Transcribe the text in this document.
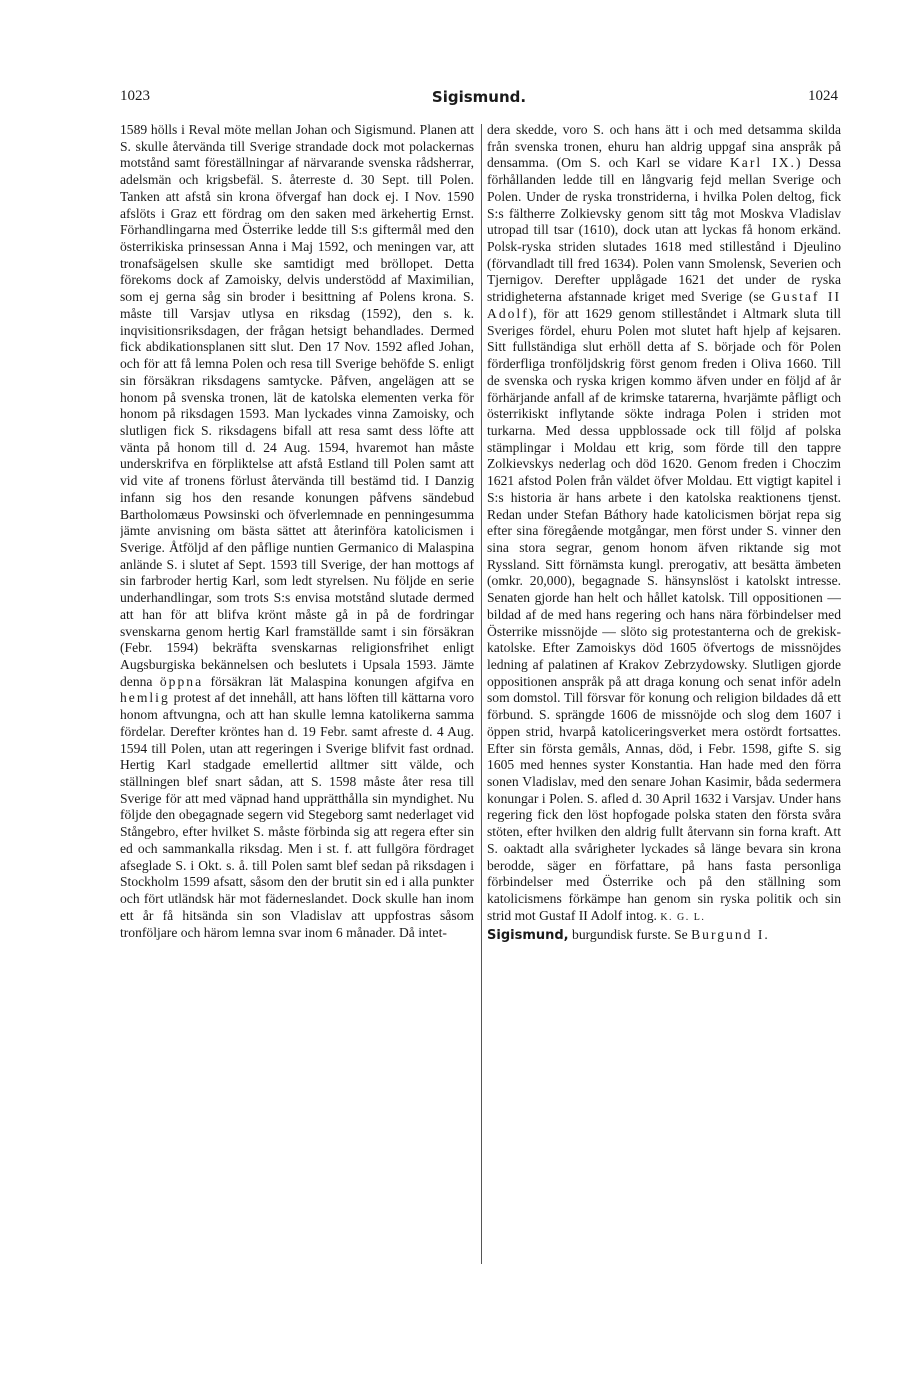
1023	Sigismund.	1024

1589 hölls i Reval möte mellan Johan och Sigismund. Planen att S. skulle återvända till Sverige strandade dock mot polackernas motstånd samt föreställningar af närvarande svenska rådsherrar, adelsmän och krigsbefäl. S. återreste d. 30 Sept. till Polen. Tanken att afstå sin krona öfvergaf han dock ej. I Nov. 1590 afslöts i Graz ett fördrag om den saken med ärkehertig Ernst. Förhandlingarna med Österrike ledde till S:s giftermål med den österrikiska prinsessan Anna i Maj 1592, och meningen var, att tronafsägelsen skulle ske samtidigt med bröllopet. Detta förekoms dock af Zamoisky, delvis understödd af Maximilian, som ej gerna såg sin broder i besittning af Polens krona. S. måste till Varsjav utlysa en riksdag (1592), den s. k. inqvisitionsriksdagen, der frågan hetsigt behandlades. Dermed fick abdikationsplanen sitt slut. Den 17 Nov. 1592 afled Johan, och för att få lemna Polen och resa till Sverige behöfde S. enligt sin försäkran riksdagens samtycke. Påfven, angelägen att se honom på svenska tronen, lät de katolska elementen verka för honom på riksdagen 1593. Man lyckades vinna Zamoisky, och slutligen fick S. riksdagens bifall att resa samt dess löfte att vänta på honom till d. 24 Aug. 1594, hvaremot han måste underskrifva en förpliktelse att afstå Estland till Polen samt att vid vite af tronens förlust återvända till bestämd tid. I Danzig infann sig hos den resande konungen påfvens sändebud Bartholomæus Powsinski och öfverlemnade en penningesumma jämte anvisning om bästa sättet att återinföra katolicismen i Sverige. Åtföljd af den påflige nuntien Germanico di Malaspina anlände S. i slutet af Sept. 1593 till Sverige, der han mottogs af sin farbroder hertig Karl, som ledt styrelsen. Nu följde en serie underhandlingar, som trots S:s envisa motstånd slutade dermed att han för att blifva krönt måste gå in på de fordringar svenskarna genom hertig Karl framställde samt i sin försäkran (Febr. 1594) bekräfta svenskarnas religionsfrihet enligt Augsburgiska bekännelsen och beslutets i Upsala 1593. Jämte denna öppna försäkran lät Malaspina konungen afgifva en hemlig protest af det innehåll, att hans löften till kättarna voro honom aftvungna, och att han skulle lemna katolikerna samma fördelar. Derefter kröntes han d. 19 Febr. samt afreste d. 4 Aug. 1594 till Polen, utan att regeringen i Sverige blifvit fast ordnad. Hertig Karl stadgade emellertid alltmer sitt välde, och ställningen blef snart sådan, att S. 1598 måste åter resa till Sverige för att med väpnad hand upprätthålla sin myndighet. Nu följde den obegagnade segern vid Stegeborg samt nederlaget vid Stångebro, efter hvilket S. måste förbinda sig att regera efter sin ed och sammankalla riksdag. Men i st. f. att fullgöra fördraget afseglade S. i Okt. s. å. till Polen samt blef sedan på riksdagen i Stockholm 1599 afsatt, såsom den der brutit sin ed i alla punkter och fört utländsk här mot fäderneslandet. Dock skulle han inom ett år få hitsända sin son Vladislav att uppfostras såsom tronföljare och härom lemna svar inom 6 månader. Då intet-

dera skedde, voro S. och hans ätt i och med detsamma skilda från svenska tronen, ehuru han aldrig uppgaf sina anspråk på densamma. (Om S. och Karl se vidare Karl IX.) Dessa förhållanden ledde till en långvarig fejd mellan Sverige och Polen. Under de ryska tronstriderna, i hvilka Polen deltog, fick S:s fältherre Zolkievsky genom sitt tåg mot Moskva Vladislav utropad till tsar (1610), dock utan att lyckas få honom erkänd. Polsk-ryska striden slutades 1618 med stillestånd i Djeulino (förvandladt till fred 1634). Polen vann Smolensk, Severien och Tjernigov. Derefter upplågade 1621 det under de ryska stridigheterna afstannade kriget med Sverige (se Gustaf II Adolf), för att 1629 genom stilleståndet i Altmark sluta till Sveriges fördel, ehuru Polen mot slutet haft hjelp af kejsaren. Sitt fullständiga slut erhöll detta af S. började och för Polen förderfliga tronföljdskrig först genom freden i Oliva 1660. Till de svenska och ryska krigen kommo äfven under en följd af år förhärjande anfall af de krimske tatarerna, hvarjämte påfligt och österrikiskt inflytande sökte indraga Polen i striden mot turkarna. Med dessa uppblossade ock till följd af polska stämplingar i Moldau ett krig, som förde till den tappre Zolkievskys nederlag och död 1620. Genom freden i Choczim 1621 afstod Polen från väldet öfver Moldau. Ett vigtigt kapitel i S:s historia är hans arbete i den katolska reaktionens tjenst. Redan under Stefan Báthory hade katolicismen börjat repa sig efter sina föregående motgångar, men först under S. vinner den sina stora segrar, genom honom äfven riktande sig mot Ryssland. Sitt förnämsta kungl. prerogativ, att besätta ämbeten (omkr. 20,000), begagnade S. hänsynslöst i katolskt intresse. Senaten gjorde han helt och hållet katolsk. Till oppositionen — bildad af de med hans regering och hans nära förbindelser med Österrike missnöjde — slöto sig protestanterna och de grekisk-katolske. Efter Zamoiskys död 1605 öfvertogs de missnöjdes ledning af palatinen af Krakov Zebrzydowsky. Slutligen gjorde oppositionen anspråk på att draga konung och senat inför adeln som domstol. Till försvar för konung och religion bildades då ett förbund. S. sprängde 1606 de missnöjde och slog dem 1607 i öppen strid, hvarpå katoliceringsverket mera ostördt fortsattes. Efter sin första gemåls, Annas, död, i Febr. 1598, gifte S. sig 1605 med hennes syster Konstantia. Han hade med den förra sonen Vladislav, med den senare Johan Kasimir, båda sedermera konungar i Polen. S. afled d. 30 April 1632 i Varsjav. Under hans regering fick den löst hopfogade polska staten den första svåra stöten, efter hvilken den aldrig fullt återvann sin forna kraft. Att S. oaktadt alla svårigheter lyckades så länge bevara sin krona berodde, säger en författare, på hans fasta personliga förbindelser med Österrike och på den ställning som katolicismens förkämpe han genom sin ryska politik och sin strid mot Gustaf II Adolf intog. K. G. L.

Sigismund, burgundisk furste. Se Burgund I.
